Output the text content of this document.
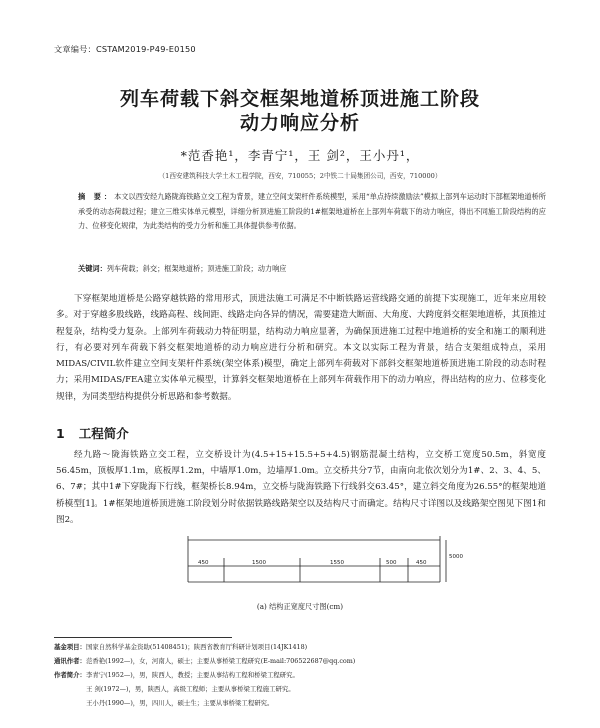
文章编号：CSTAM2019-P49-E0150
列车荷载下斜交框架地道桥顶进施工阶段
动力响应分析
*范香艳¹，李青宁¹，王 剑²，王小丹¹，
（1西安建筑科技大学土木工程学院，西安，710055；2中铁二十局集团公司，西安，710000）
摘 要：本文以西安经九路陇海铁路立交工程为背景，建立空间支架杆件系统模型，采用“单点持续激励法”模拟上部列车运动时下部框架地道桥所承受的动态荷载过程；建立三维实体单元模型，详细分析顶进施工阶段的1#框架地道桥在上部列车荷载下的动力响应，得出不同施工阶段结构的应力、位移变化规律，为此类结构的受力分析和施工具体提供参考依据。
关键词：列车荷载；斜交；框架地道桥；顶进施工阶段；动力响应

下穿框架地道桥是公路穿越铁路的常用形式，顶进法施工可满足不中断铁路运营线路交通的前提下实现施工，近年来应用较多。对于穿越多股线路，线路高程、线间距、线路走向各异的情况，需要建造大断面、大角度、大跨度斜交框架地道桥，其顶推过程复杂，结构受力复杂。上部列车荷载动力特征明显，结构动力响应显著，为确保顶进施工过程中地道桥的安全和施工的顺利进行，有必要对列车荷载下斜交框架地道桥的动力响应进行分析和研究。本文以实际工程为背景，结合支架组成特点，采用MIDAS/CIVIL软件建立空间支架杆件系统(架空体系)模型，确定上部列车荷载对下部斜交框架地道桥顶进施工阶段的动态时程力；采用MIDAS/FEA建立实体单元模型，计算斜交框架地道桥在上部列车荷载作用下的动力响应，得出结构的应力、位移变化规律，为同类型结构提供分析思路和参考数据。

1 工程简介

经九路～陇海铁路立交工程，立交桥设计为(4.5+15+15.5+5+4.5)钢筋混凝土结构，立交桥工宽度50.5m，斜宽度56.45m，顶板厚1.1m，底板厚1.2m，中墙厚1.0m，边墙厚1.0m。立交桥共分7节，由南向北依次划分为1#、2、3、4、5、6、7#；其中1#下穿陇海下行线，框架桥长8.94m，立交桥与陇海铁路下行线斜交63.45°，建立斜交角度为26.55°的框架地道桥模型[1]。1#框架地道桥顶进施工阶段划分时依据铁路线路架空以及结构尺寸而确定。结构尺寸详图以及线路架空图见下图1和图2。

450	1500	1550	500	450
5000
(a) 结构正宽度尺寸图(cm)
基金项目：国家自然科学基金资助(51408451)；陕西省教育厅科研计划项目(14JK1418)
通讯作者：范香艳(1992—)，女，河南人，硕士；主要从事桥梁工程研究(E-mail:706522687@qq.com)
作者简介：李青宁(1952—)，男，陕西人，教授；主要从事结构工程和桥梁工程研究。
王 剑(1972—)，男，陕西人，高级工程师；主要从事桥梁工程施工研究。
王小丹(1990—)，男，四川人，硕士生；主要从事桥梁工程研究。
